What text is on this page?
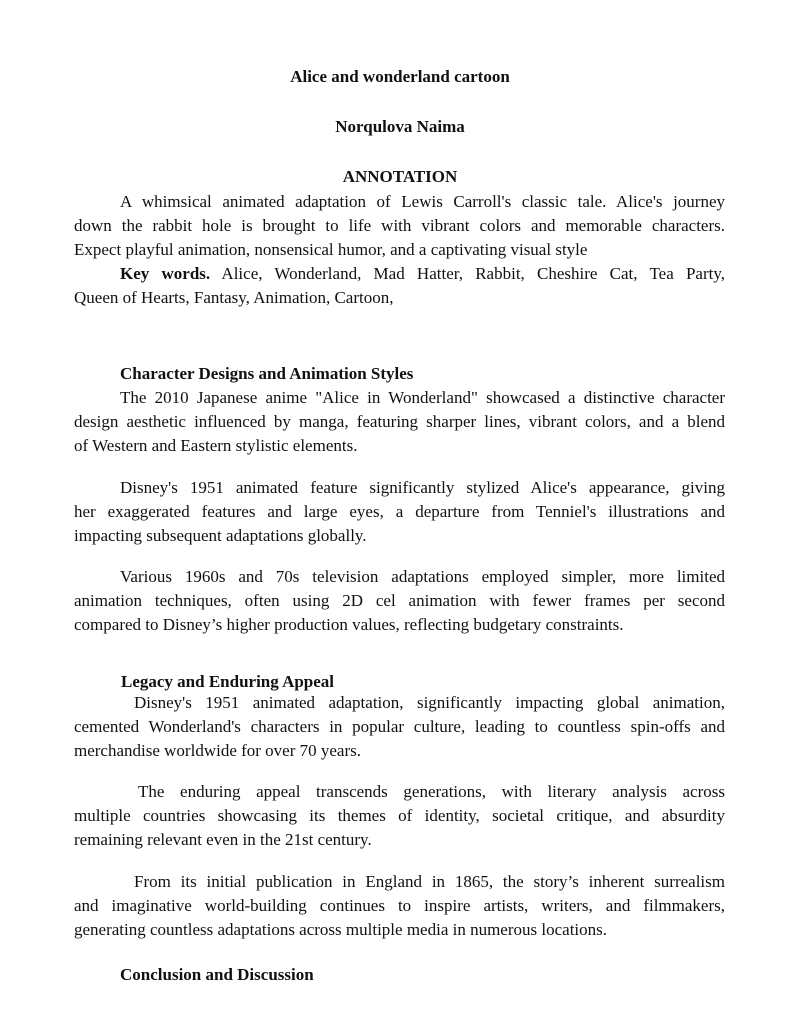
Alice and wonderland cartoon
Norqulova Naima
ANNOTATION
A whimsical animated adaptation of Lewis Carroll's classic tale. Alice's journey
down the rabbit hole is brought to life with vibrant colors and memorable characters.
Expect playful animation, nonsensical humor, and a captivating visual style
Key words. Alice, Wonderland, Mad Hatter, Rabbit, Cheshire Cat, Tea Party,
Queen of Hearts, Fantasy, Animation, Cartoon,
Character Designs and Animation Styles
The 2010 Japanese anime "Alice in Wonderland" showcased a distinctive character
design aesthetic influenced by manga, featuring sharper lines, vibrant colors, and a blend
of Western and Eastern stylistic elements.
Disney's 1951 animated feature significantly stylized Alice's appearance, giving
her exaggerated features and large eyes, a departure from Tenniel's illustrations and
impacting subsequent adaptations globally.
Various 1960s and 70s television adaptations employed simpler, more limited
animation techniques, often using 2D cel animation with fewer frames per second
compared to Disney’s higher production values, reflecting budgetary constraints.
Legacy and Enduring Appeal
Disney's 1951 animated adaptation, significantly impacting global animation,
cemented Wonderland's characters in popular culture, leading to countless spin-offs and
merchandise worldwide for over 70 years.
The enduring appeal transcends generations, with literary analysis across
multiple countries showcasing its themes of identity, societal critique, and absurdity
remaining relevant even in the 21st century.
From its initial publication in England in 1865, the story’s inherent surrealism
and imaginative world-building continues to inspire artists, writers, and filmmakers,
generating countless adaptations across multiple media in numerous locations.
Conclusion and Discussion
